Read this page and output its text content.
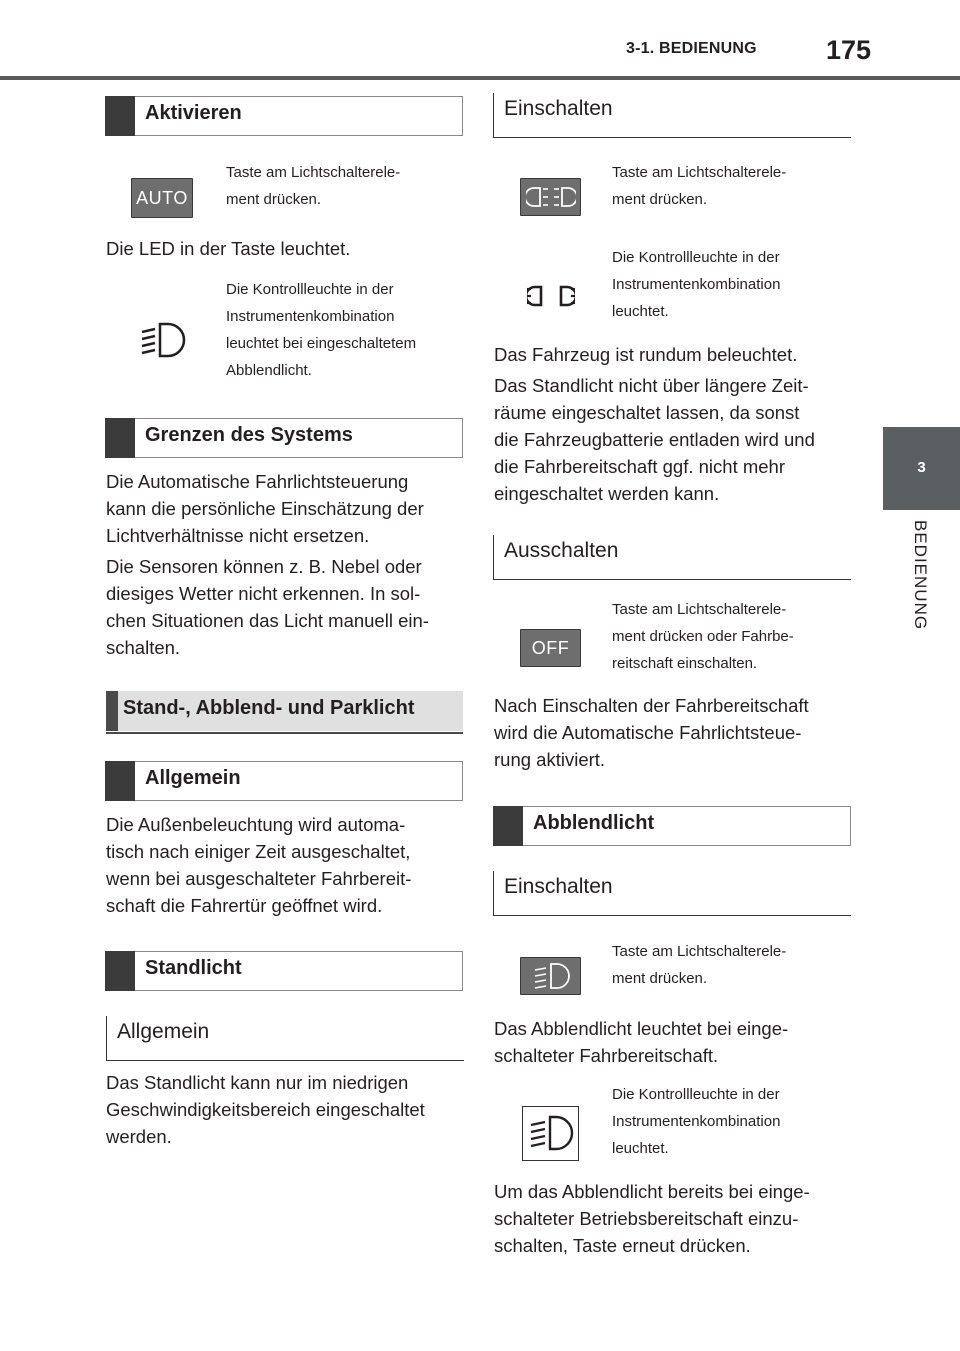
3-1. BEDIENUNG	175
3
BEDIENUNG
Aktivieren
AUTO
Taste am Lichtschalterele-
ment drücken.
Die LED in der Taste leuchtet.
Die Kontrollleuchte in der
Instrumentenkombination
leuchtet bei eingeschaltetem
Abblendlicht.
Grenzen des Systems
Die Automatische Fahrlichtsteuerung
kann die persönliche Einschätzung der
Lichtverhältnisse nicht ersetzen.
Die Sensoren können z. B. Nebel oder
diesiges Wetter nicht erkennen. In sol-
chen Situationen das Licht manuell ein-
schalten.
Stand-, Abblend- und Parklicht
Allgemein
Die Außenbeleuchtung wird automa-
tisch nach einiger Zeit ausgeschaltet,
wenn bei ausgeschalteter Fahrbereit-
schaft die Fahrertür geöffnet wird.
Standlicht
Allgemein
Das Standlicht kann nur im niedrigen
Geschwindigkeitsbereich eingeschaltet
werden.
Einschalten
Taste am Lichtschalterele-
ment drücken.
Die Kontrollleuchte in der
Instrumentenkombination
leuchtet.
Das Fahrzeug ist rundum beleuchtet.
Das Standlicht nicht über längere Zeit-
räume eingeschaltet lassen, da sonst
die Fahrzeugbatterie entladen wird und
die Fahrbereitschaft ggf. nicht mehr
eingeschaltet werden kann.
Ausschalten
OFF
Taste am Lichtschalterele-
ment drücken oder Fahrbe-
reitschaft einschalten.
Nach Einschalten der Fahrbereitschaft
wird die Automatische Fahrlichtsteue-
rung aktiviert.
Abblendlicht
Einschalten
Taste am Lichtschalterele-
ment drücken.
Das Abblendlicht leuchtet bei einge-
schalteter Fahrbereitschaft.
Die Kontrollleuchte in der
Instrumentenkombination
leuchtet.
Um das Abblendlicht bereits bei einge-
schalteter Betriebsbereitschaft einzu-
schalten, Taste erneut drücken.
